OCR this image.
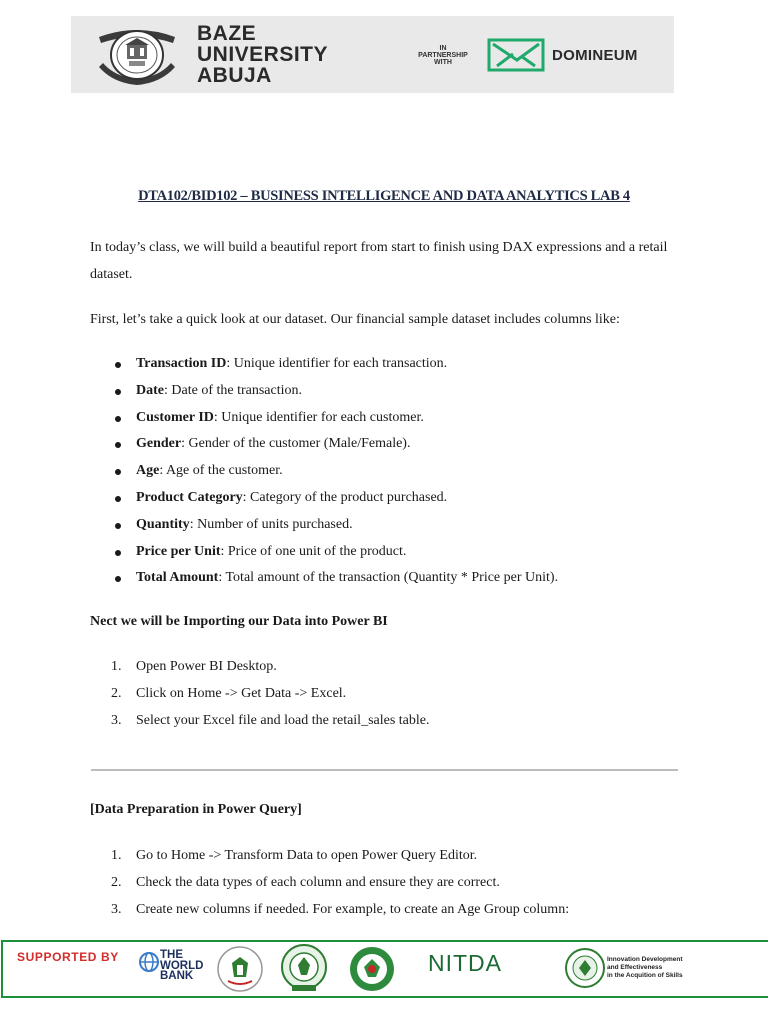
BAZE
UNIVERSITY
ABUJA
IN
PARTNERSHIP
WITH	DOMINEUM
DTA102/BID102 – BUSINESS INTELLIGENCE AND DATA ANALYTICS LAB 4
In today’s class, we will build a beautiful report from start to finish using DAX expressions and a retail dataset.
First, let’s take a quick look at our dataset. Our financial sample dataset includes columns like:
Transaction ID: Unique identifier for each transaction.
Date: Date of the transaction.
Customer ID: Unique identifier for each customer.
Gender: Gender of the customer (Male/Female).
Age: Age of the customer.
Product Category: Category of the product purchased.
Quantity: Number of units purchased.
Price per Unit: Price of one unit of the product.
Total Amount: Total amount of the transaction (Quantity * Price per Unit).
Nect we will be Importing our Data into Power BI
1. Open Power BI Desktop.
2. Click on Home -> Get Data -> Excel.
3. Select your Excel file and load the retail_sales table.
[Data Preparation in Power Query]
1. Go to Home -> Transform Data to open Power Query Editor.
2. Check the data types of each column and ensure they are correct.
3. Create new columns if needed. For example, to create an Age Group column:
SUPPORTED BY	THE
WORLD
BANK	NITDA	Innovation Development
and Effectiveness
in the Acquition of Skills
